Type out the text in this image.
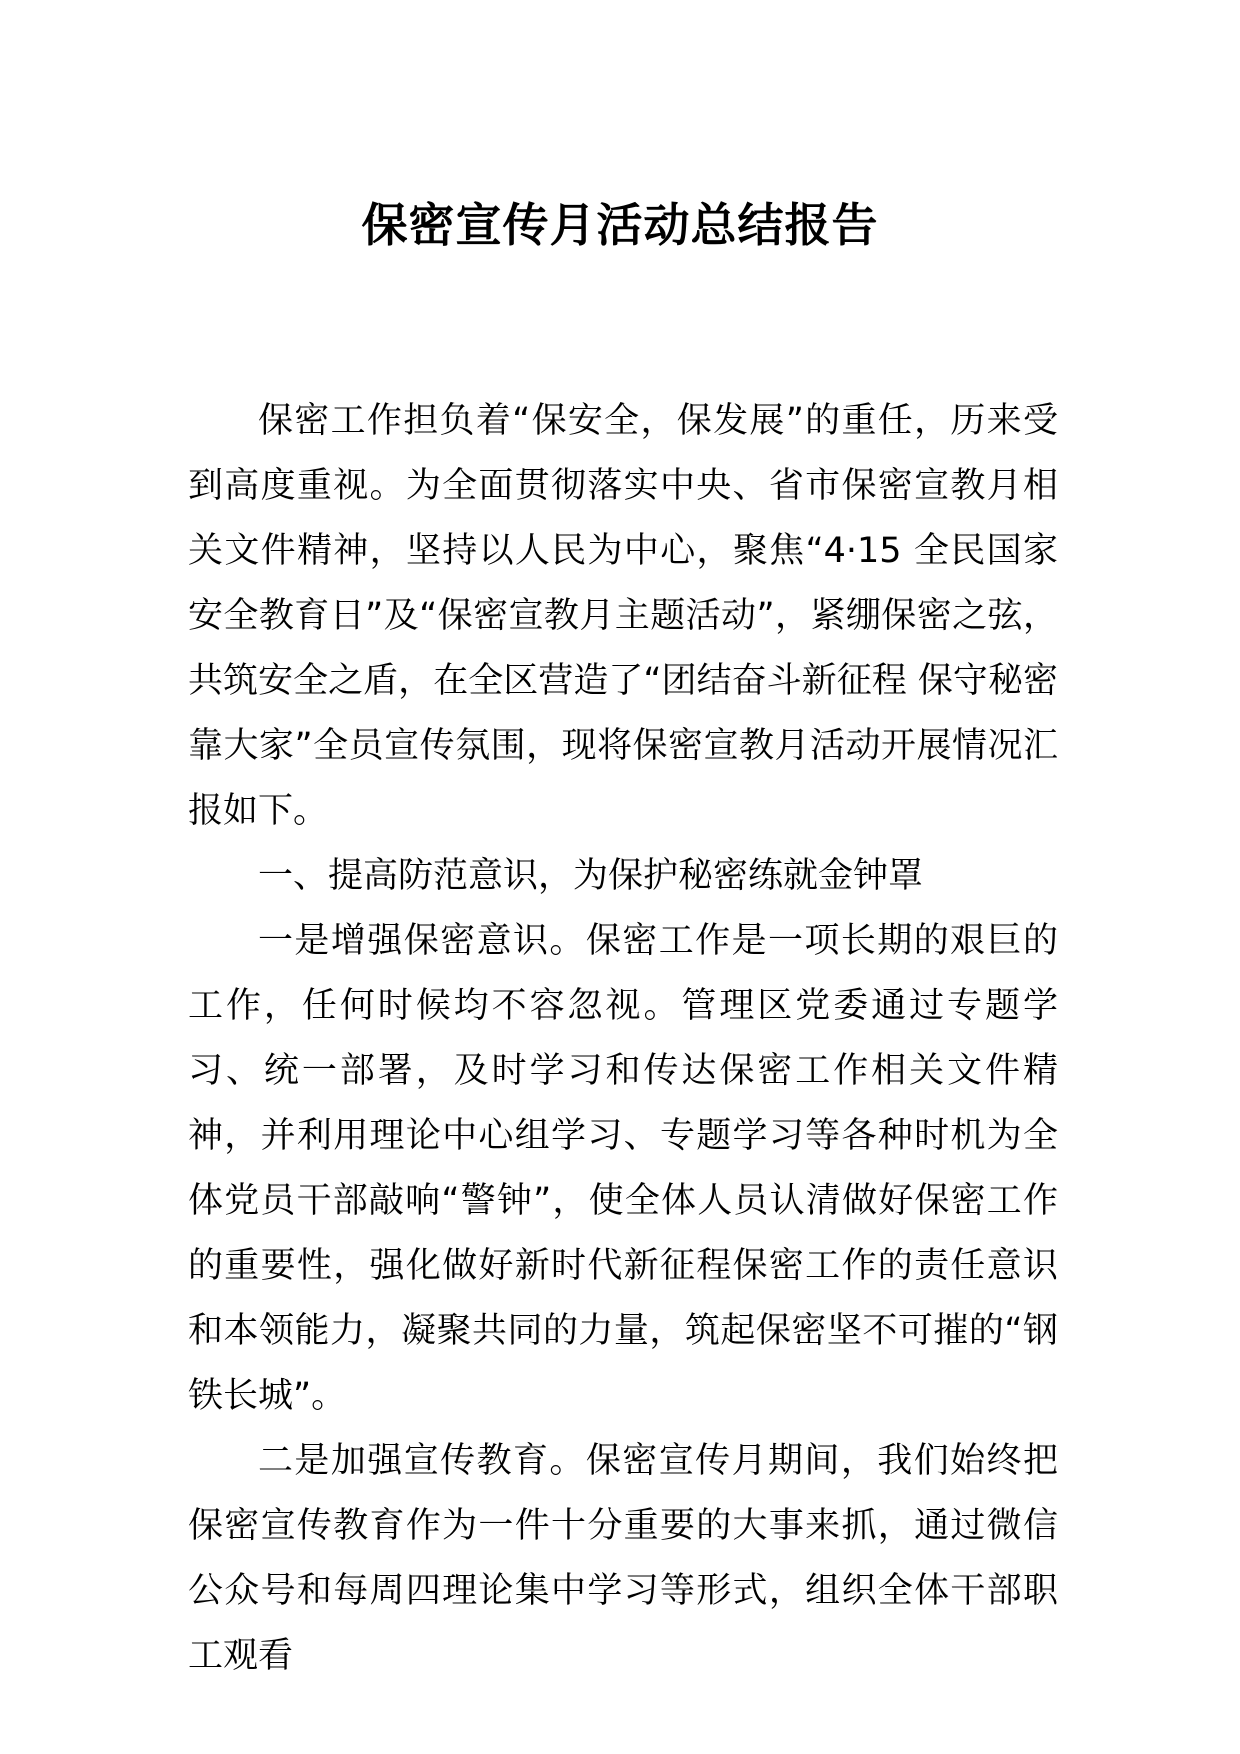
保密宣传月活动总结报告

保密工作担负着“保安全，保发展”的重任，历来受到高度重视。为全面贯彻落实中央、省市保密宣教月相关文件精神，坚持以人民为中心，聚焦“4·15 全民国家安全教育日”及“保密宣教月主题活动”，紧绷保密之弦，共筑安全之盾，在全区营造了“团结奋斗新征程 保守秘密靠大家”全员宣传氛围，现将保密宣教月活动开展情况汇报如下。

一、提高防范意识，为保护秘密练就金钟罩

一是增强保密意识。保密工作是一项长期的艰巨的工作，任何时候均不容忽视。管理区党委通过专题学习、统一部署，及时学习和传达保密工作相关文件精神，并利用理论中心组学习、专题学习等各种时机为全体党员干部敲响“警钟”，使全体人员认清做好保密工作的重要性，强化做好新时代新征程保密工作的责任意识和本领能力，凝聚共同的力量，筑起保密坚不可摧的“钢铁长城”。

二是加强宣传教育。保密宣传月期间，我们始终把保密宣传教育作为一件十分重要的大事来抓，通过微信公众号和每周四理论集中学习等形式，组织全体干部职工观看
